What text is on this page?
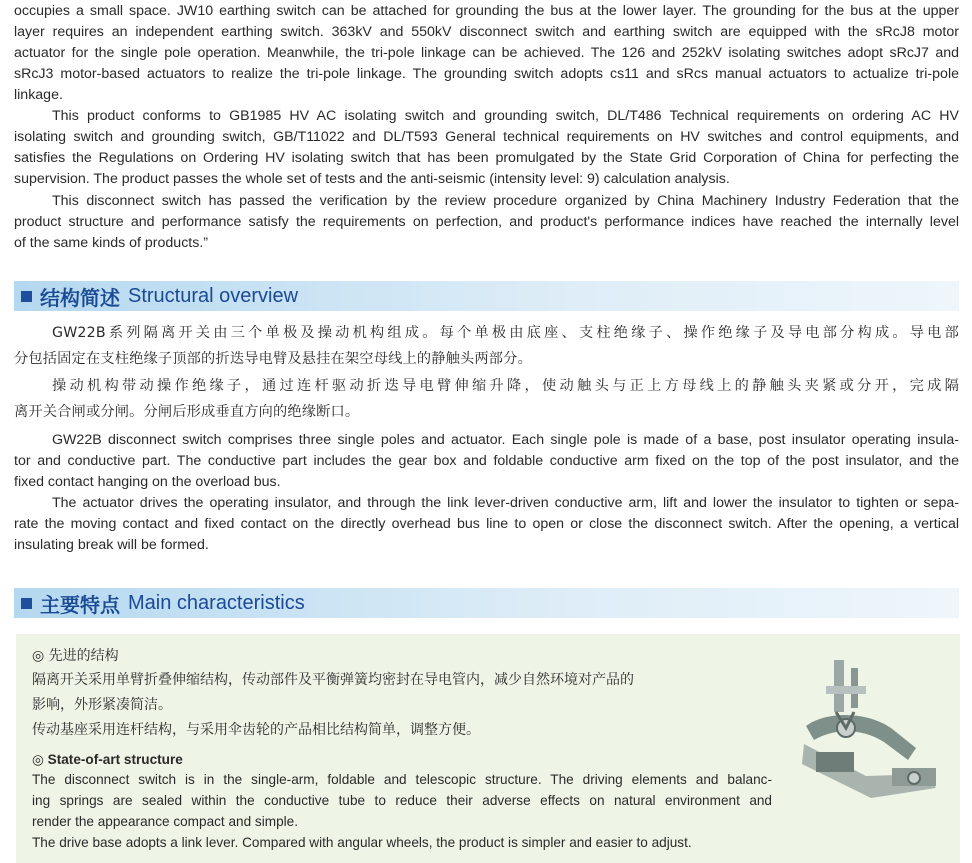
occupies a small space. JW10 earthing switch can be attached for grounding the bus at the lower layer. The grounding for the bus at the upper
layer requires an independent earthing switch. 363kV and 550kV disconnect switch and earthing switch are equipped with the sRcJ8 motor
actuator for the single pole operation. Meanwhile, the tri-pole linkage can be achieved. The 126 and 252kV isolating switches adopt sRcJ7 and
sRcJ3 motor-based actuators to realize the tri-pole linkage. The grounding switch adopts cs11 and sRcs manual actuators to actualize tri-pole
linkage.
This product conforms to GB1985 HV AC isolating switch and grounding switch, DL/T486 Technical requirements on ordering AC HV
isolating switch and grounding switch, GB/T11022 and DL/T593 General technical requirements on HV switches and control equipments, and
satisfies the Regulations on Ordering HV isolating switch that has been promulgated by the State Grid Corporation of China for perfecting the
supervision. The product passes the whole set of tests and the anti-seismic (intensity level: 9) calculation analysis.
This disconnect switch has passed the verification by the review procedure organized by China Machinery Industry Federation that the
product structure and performance satisfy the requirements on perfection, and product's performance indices have reached the internally level
of the same kinds of products.”
结构简述 Structural overview
GW22B系列隔离开关由三个单极及操动机构组成。每个单极由底座、支柱绝缘子、操作绝缘子及导电部分构成。导电部
分包括固定在支柱绝缘子顶部的折迭导电臂及悬挂在架空母线上的静触头两部分。
操动机构带动操作绝缘子，通过连杆驱动折迭导电臂伸缩升降，使动触头与正上方母线上的静触头夹紧或分开，完成隔
离开关合闸或分闸。分闸后形成垂直方向的绝缘断口。
GW22B disconnect switch comprises three single poles and actuator. Each single pole is made of a base, post insulator operating insula-
tor and conductive part. The conductive part includes the gear box and foldable conductive arm fixed on the top of the post insulator, and the
fixed contact hanging on the overload bus.
The actuator drives the operating insulator, and through the link lever-driven conductive arm, lift and lower the insulator to tighten or sepa-
rate the moving contact and fixed contact on the directly overhead bus line to open or close the disconnect switch. After the opening, a vertical
insulating break will be formed.
主要特点 Main characteristics
◎ 先进的结构
隔离开关采用单臂折叠伸缩结构，传动部件及平衡弹簧均密封在导电管内，减少自然环境对产品的
影响，外形紧凑简洁。
传动基座采用连杆结构，与采用伞齿轮的产品相比结构简单，调整方便。
◎ State-of-art structure
The disconnect switch is in the single-arm, foldable and telescopic structure. The driving elements and balanc-
ing springs are sealed within the conductive tube to reduce their adverse effects on natural environment and
render the appearance compact and simple.
The drive base adopts a link lever. Compared with angular wheels, the product is simpler and easier to adjust.
